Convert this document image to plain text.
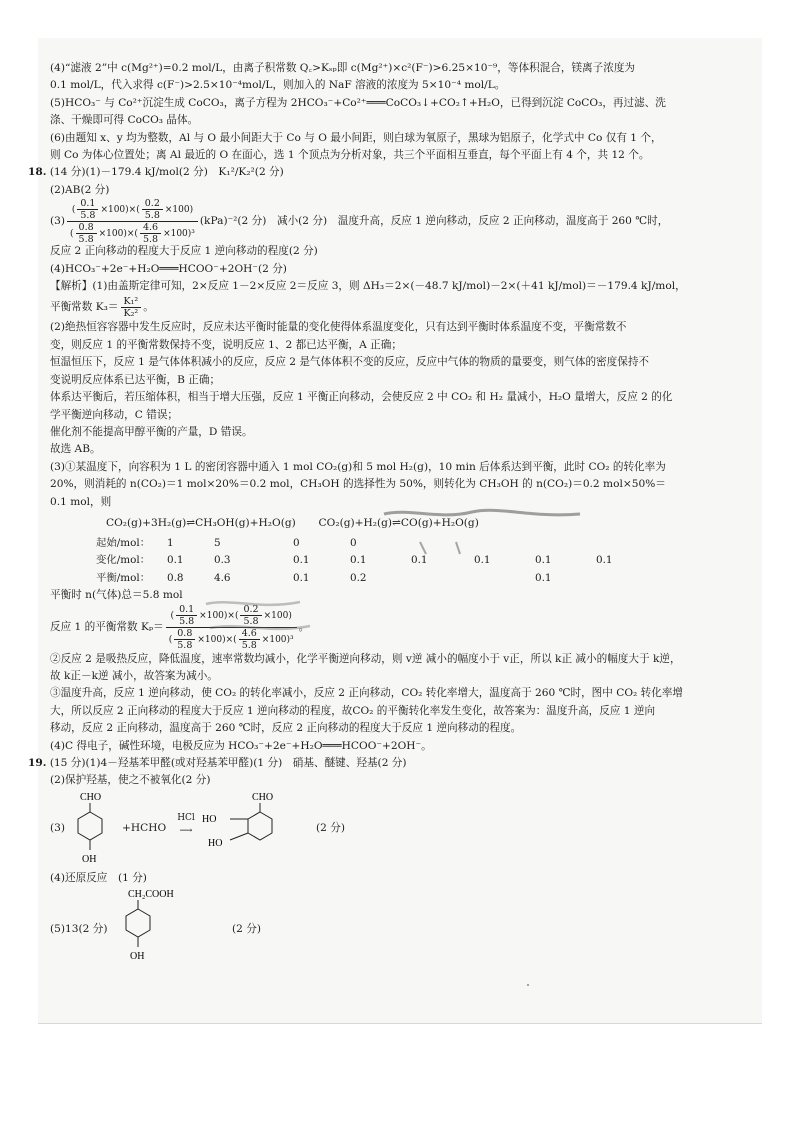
(4)“滤液 2”中 c(Mg²⁺)=0.2 mol/L，由离子积常数 Q꜀>Kₛₚ即 c(Mg²⁺)×c²(F⁻)>6.25×10⁻⁹，等体积混合，镁离子浓度为

0.1 mol/L，代入求得 c(F⁻)>2.5×10⁻⁴mol/L，则加入的 NaF 溶液的浓度为 5×10⁻⁴ mol/L。

(5)HCO₃⁻ 与 Co²⁺沉淀生成 CoCO₃，离子方程为 2HCO₃⁻+Co²⁺═══CoCO₃↓+CO₂↑+H₂O，已得到沉淀 CoCO₃，再过滤、洗

涤、干燥即可得 CoCO₃ 晶体。

(6)由题知 x、y 均为整数，Al 与 O 最小间距大于 Co 与 O 最小间距，则白球为氧原子，黑球为铝原子，化学式中 Co 仅有 1 个，

则 Co 为体心位置处；离 Al 最近的 O 在面心，选 1 个顶点为分析对象，共三个平面相互垂直，每个平面上有 4 个，共 12 个。

18. (14 分)(1)－179.4 kJ/mol(2 分)　K₁²/K₂²(2 分)

(2)AB(2 分)

$(3) \frac{( \frac{0.1}{5.8} \times 100)\times( \frac{0.2}{5.8} \times 100)}{( \frac{0.8}{5.8} \times 100)\times( \frac{4.6}{5.8} \times 100)^3} (kPa)^{-2}(2$ 分)　减小(2 分)　温度升高，反应 1 逆向移动，反应 2 正向移动，温度高于 260 ℃时，

反应 2 正向移动的程度大于反应 1 逆向移动的程度(2 分)

(4)HCO₃⁻+2e⁻+H₂O═══HCOO⁻+2OH⁻(2 分)

【解析】(1)由盖斯定律可知，2×反应 1－2×反应 2＝反应 3，则 ΔH₃＝2×(－48.7 kJ/mol)－2×(＋41 kJ/mol)＝－179.4 kJ/mol，

平衡常数 $K_3= \frac{\text{K₁²}}{\text{K₂²}}$ 。

(2)绝热恒容容器中发生反应时，反应未达平衡时能量的变化使得体系温度变化，只有达到平衡时体系温度不变，平衡常数不

变，则反应 1 的平衡常数保持不变，说明反应 1、2 都已达平衡，A 正确；

恒温恒压下，反应 1 是气体体积减小的反应，反应 2 是气体体积不变的反应，反应中气体的物质的量要变，则气体的密度保持不

变说明反应体系已达平衡，B 正确；

体系达平衡后，若压缩体积，相当于增大压强，反应 1 平衡正向移动，会使反应 2 中 CO₂ 和 H₂ 量减小，H₂O 量增大，反应 2 的化

学平衡逆向移动，C 错误；

催化剂不能提高甲醇平衡的产量，D 错误。

故选 AB。

(3)①某温度下，向容积为 1 L 的密闭容器中通入 1 mol CO₂(g)和 5 mol H₂(g)，10 min 后体系达到平衡，此时 CO₂ 的转化率为

20%，则消耗的 n(CO₂)＝1 mol×20%＝0.2 mol，CH₃OH 的选择性为 50%，则转化为 CH₃OH 的 n(CO₂)＝0.2 mol×50%＝

0.1 mol，则

CO₂(g)+3H₂(g)⇌CH₃OH(g)+H₂O(g) CO₂(g)+H₂(g)⇌CO(g)+H₂O(g)
起始/mol：	1	5	0	0				
变化/mol：	0.1	0.3	0.1	0.1	0.1	0.1	0.1	0.1
平衡/mol：	0.8	4.6	0.1	0.2			0.1	

平衡时 n(气体)总＝5.8 mol

反应 1 的平衡常数 $K_p= \frac{( \frac{0.1}{5.8} \times 100)\times( \frac{0.2}{5.8} \times 100)}{( \frac{0.8}{5.8} \times 100)\times( \frac{4.6}{5.8} \times 100)^3}$ 。

②反应 2 是吸热反应，降低温度，速率常数均减小，化学平衡逆向移动，则 v逆 减小的幅度小于 v正，所以 k正 减小的幅度大于 k逆，

故 k正－k逆 减小，故答案为减小。

③温度升高，反应 1 逆向移动，使 CO₂ 的转化率减小，反应 2 正向移动，CO₂ 转化率增大，温度高于 260 ℃时，图中 CO₂ 转化率增

大，所以反应 2 正向移动的程度大于反应 1 逆向移动的程度，故CO₂ 的平衡转化率发生变化，故答案为：温度升高，反应 1 逆向

移动，反应 2 正向移动，温度高于 260 ℃时，反应 2 正向移动的程度大于反应 1 逆向移动的程度。

(4)C 得电子，碱性环境，电极反应为 HCO₃⁻+2e⁻+H₂O═══HCOO⁻+2OH⁻。

19. (15 分)(1)4－羟基苯甲醛(或对羟基苯甲醛)(1 分)　硝基、醚键、羟基(2 分)

(2)保护羟基，使之不被氧化(2 分)

(3)
CHO
OH
+HCHO
HCl
⟶
CHO
HO
HO
(2 分)

(4)还原反应　(1 分)

(5)13(2 分)
CH₂COOH
OH
(2 分)
